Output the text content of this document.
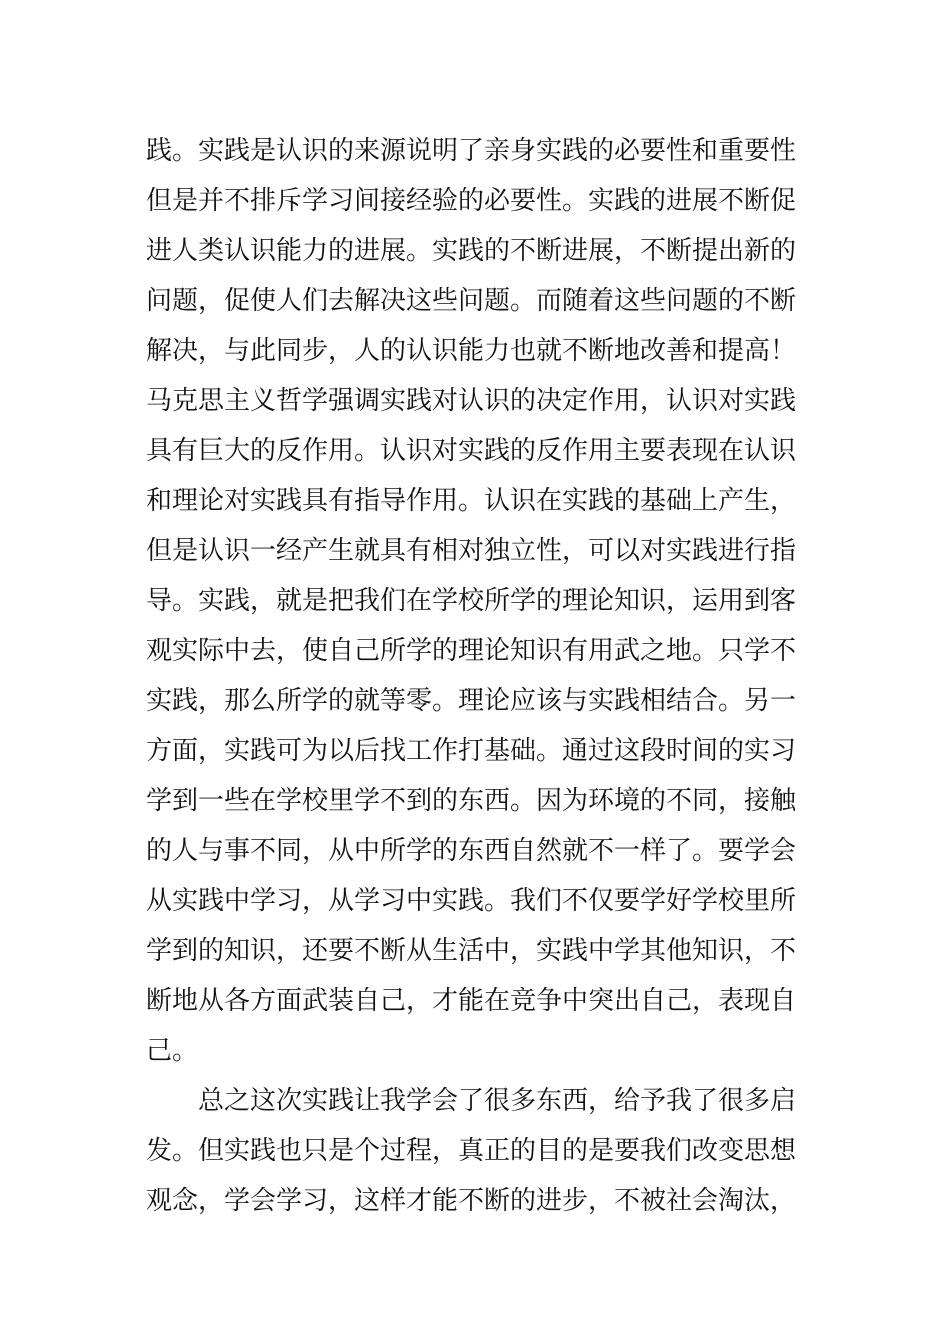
践。实践是认识的来源说明了亲身实践的必要性和重要性
但是并不排斥学习间接经验的必要性。实践的进展不断促
进人类认识能力的进展。实践的不断进展，不断提出新的
问题，促使人们去解决这些问题。而随着这些问题的不断
解决，与此同步，人的认识能力也就不断地改善和提高！
马克思主义哲学强调实践对认识的决定作用，认识对实践
具有巨大的反作用。认识对实践的反作用主要表现在认识
和理论对实践具有指导作用。认识在实践的基础上产生，
但是认识一经产生就具有相对独立性，可以对实践进行指
导。实践，就是把我们在学校所学的理论知识，运用到客
观实际中去，使自己所学的理论知识有用武之地。只学不
实践，那么所学的就等零。理论应该与实践相结合。另一
方面，实践可为以后找工作打基础。通过这段时间的实习
学到一些在学校里学不到的东西。因为环境的不同，接触
的人与事不同，从中所学的东西自然就不一样了。要学会
从实践中学习，从学习中实践。我们不仅要学好学校里所
学到的知识，还要不断从生活中，实践中学其他知识，不
断地从各方面武装自己，才能在竞争中突出自己，表现自
己。
总之这次实践让我学会了很多东西，给予我了很多启
发。但实践也只是个过程，真正的目的是要我们改变思想
观念，学会学习，这样才能不断的进步，不被社会淘汰，
